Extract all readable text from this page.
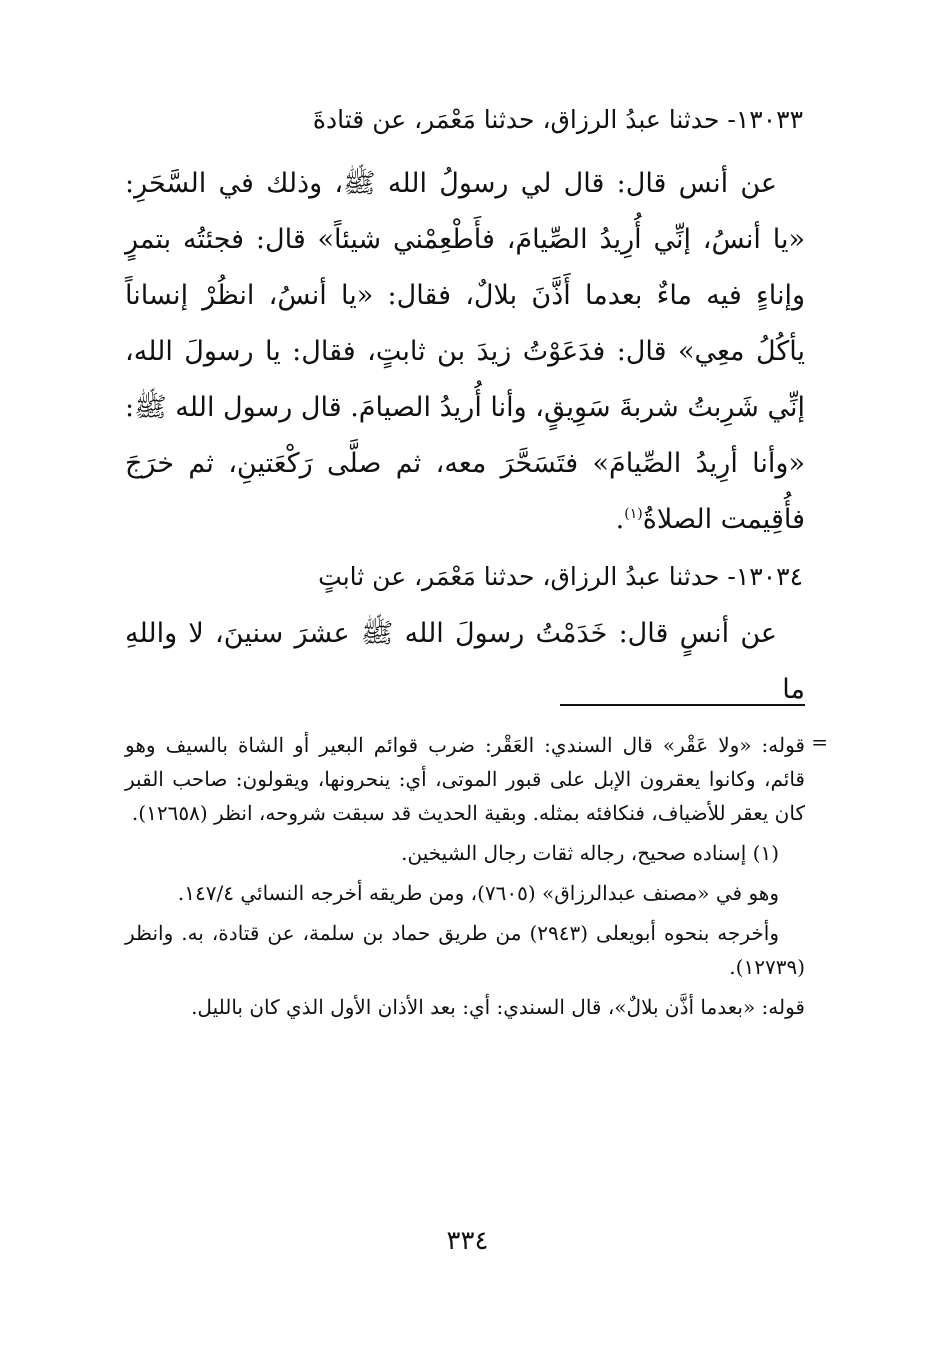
١٣٠٣٣- حدثنا عبدُ الرزاق، حدثنا مَعْمَر، عن قتادةَ
عن أنس قال: قال لي رسولُ الله ﷺ، وذلك في السَّحَرِ: «يا أنسُ، إنِّي أُرِيدُ الصِّيامَ، فأَطْعِمْني شيئاً» قال: فجئتُه بتمرٍ وإناءٍ فيه ماءٌ بعدما أَذَّنَ بلالٌ، فقال: «يا أنسُ، انظُرْ إنساناً يأكُلُ معِي» قال: فدَعَوْتُ زيدَ بن ثابتٍ، فقال: يا رسولَ الله، إنِّي شَرِبتُ شربةَ سَوِيقٍ، وأنا أُريدُ الصيامَ. قال رسول الله ﷺ: «وأنا أرِيدُ الصِّيامَ» فتَسَحَّرَ معه، ثم صلَّى رَكْعَتينِ، ثم خرَجَ فأُقِيمت الصلاةُ$^{(١)}$.
١٣٠٣٤- حدثنا عبدُ الرزاق، حدثنا مَعْمَر، عن ثابتٍ
عن أنسٍ قال: خَدَمْتُ رسولَ الله ﷺ عشرَ سنينَ، لا واللهِ ما
=

قوله: «ولا عَقْر» قال السندي: العَقْر: ضرب قوائم البعير أو الشاة بالسيف وهو قائم، وكانوا يعقرون الإبل على قبور الموتى، أي: ينحرونها، ويقولون: صاحب القبر كان يعقر للأضياف، فنكافئه بمثله. وبقية الحديث قد سبقت شروحه، انظر (١٢٦٥٨).

(١) إسناده صحيح، رجاله ثقات رجال الشيخين.

وهو في «مصنف عبدالرزاق» (٧٦٠٥)، ومن طريقه أخرجه النسائي ١٤٧/٤.

وأخرجه بنحوه أبويعلى (٢٩٤٣) من طريق حماد بن سلمة، عن قتادة، به. وانظر (١٢٧٣٩).

قوله: «بعدما أذَّن بلالٌ»، قال السندي: أي: بعد الأذان الأول الذي كان بالليل.

٣٣٤
